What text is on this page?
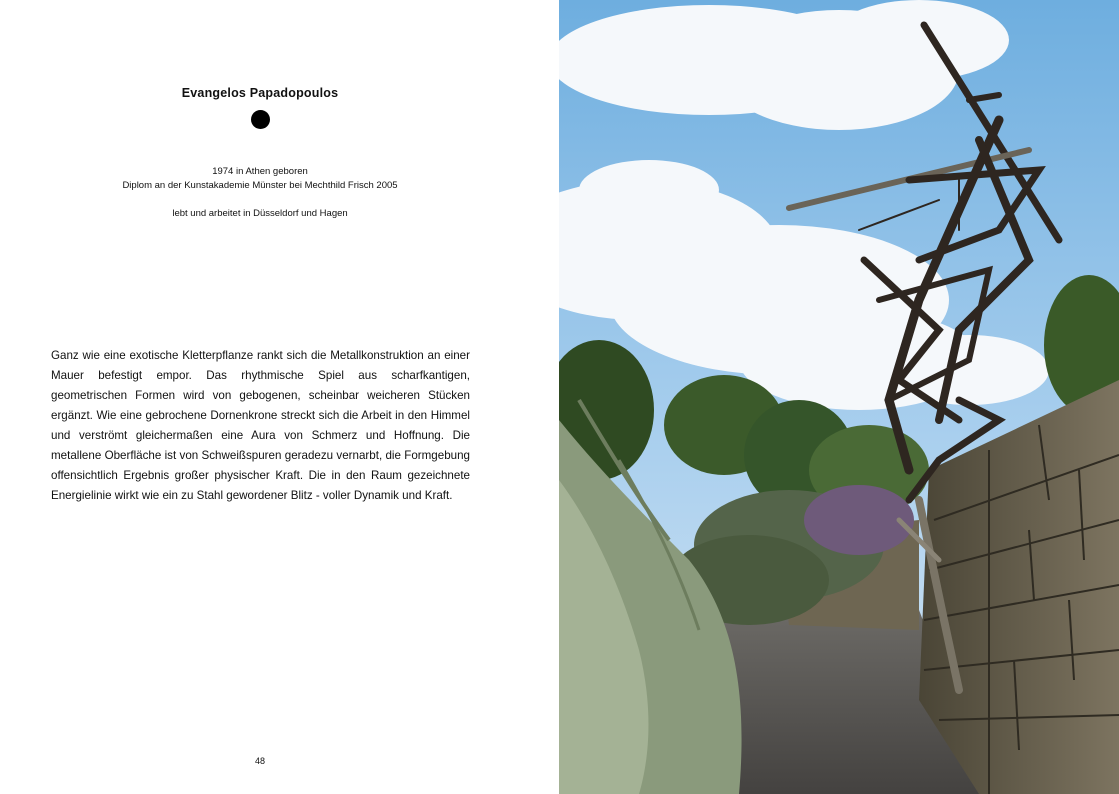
Evangelos Papadopoulos
1974 in Athen geboren
Diplom an der Kunstakademie Münster bei Mechthild Frisch 2005
lebt und arbeitet in Düsseldorf und Hagen
Ganz wie eine exotische Kletterpflanze rankt sich die Metallkonstruktion an einer Mauer befestigt empor. Das rhythmische Spiel aus scharfkantigen, geometrischen Formen wird von gebogenen, scheinbar weicheren Stücken ergänzt. Wie eine gebrochene Dornenkrone streckt sich die Arbeit in den Himmel und verströmt gleichermaßen eine Aura von Schmerz und Hoffnung. Die metallene Oberfläche ist von Schweißspuren geradezu vernarbt, die Formgebung offensichtlich Ergebnis großer physischer Kraft. Die in den Raum gezeichnete Energielinie wirkt wie ein zu Stahl gewordener Blitz - voller Dynamik und Kraft.
48
